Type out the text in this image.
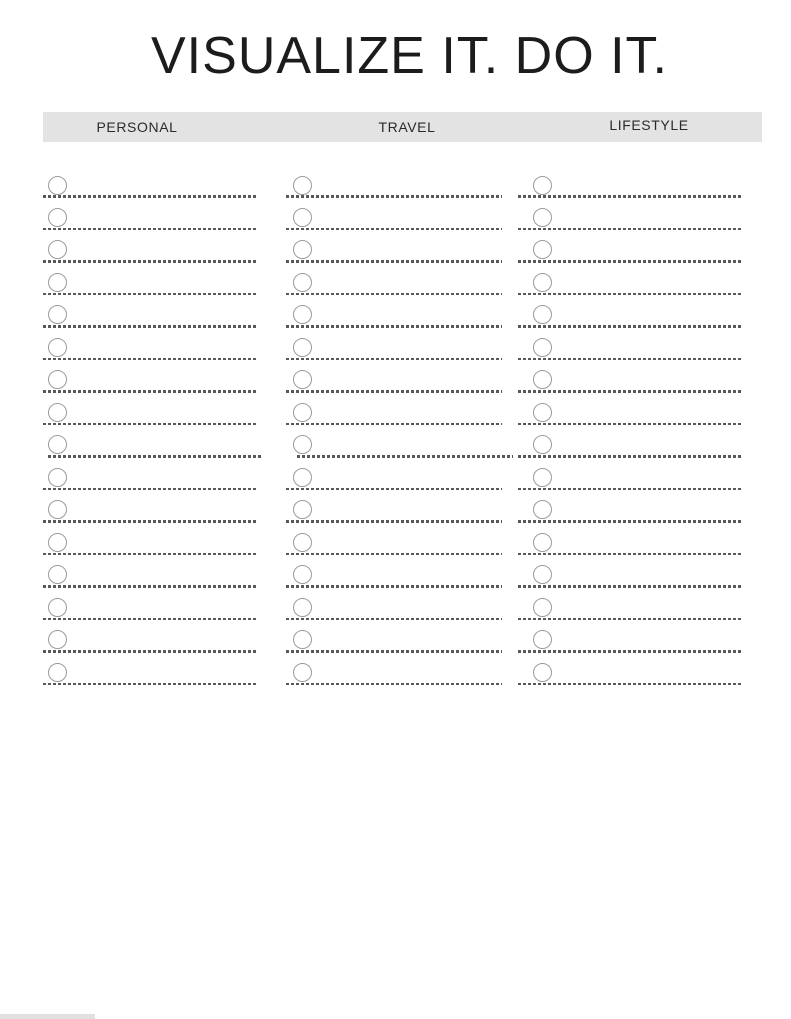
VISUALIZE IT. DO IT.
PERSONAL	TRAVEL	LIFESTYLE
